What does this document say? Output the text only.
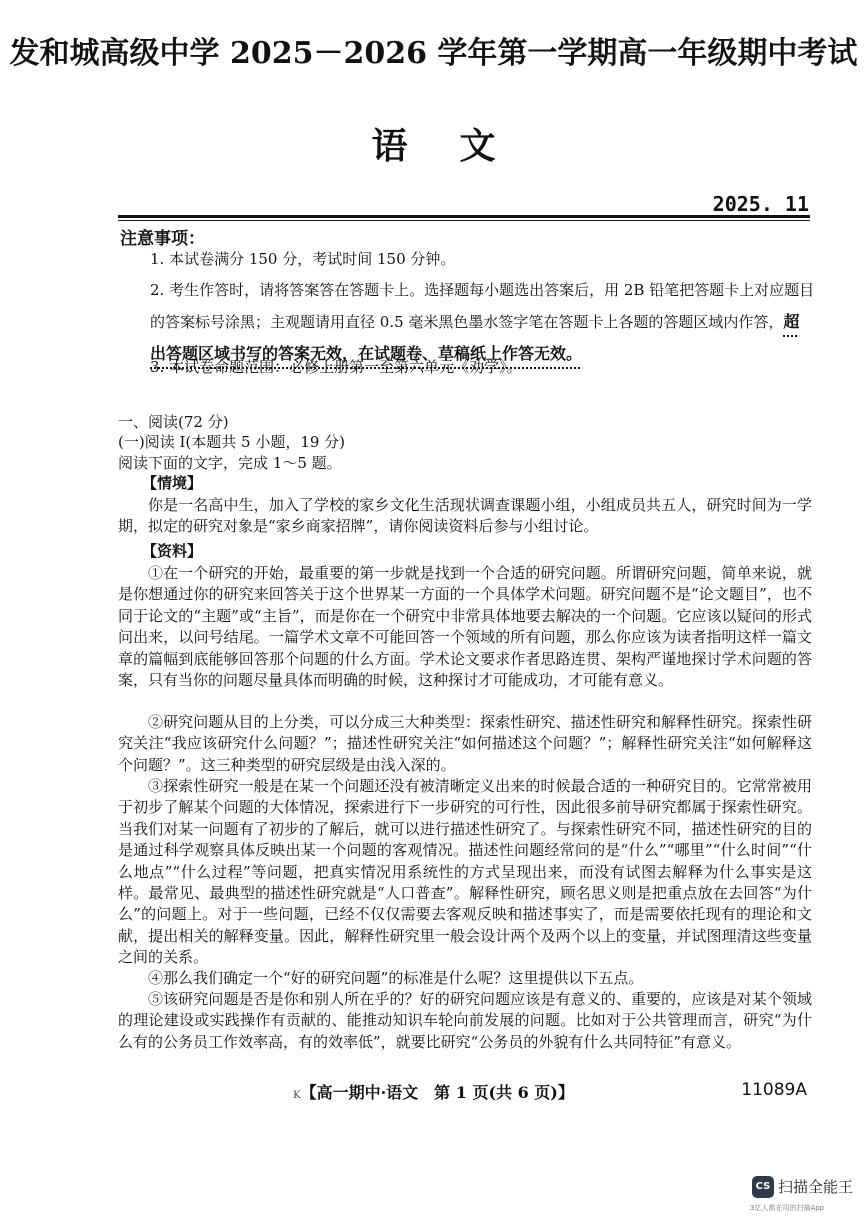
发和城高级中学 2025－2026 学年第一学期高一年级期中考试
语文
2025. 11
注意事项：
1. 本试卷满分 150 分，考试时间 150 分钟。
2. 考生作答时，请将答案答在答题卡上。选择题每小题选出答案后，用 2B 铅笔把答题卡上对应题目的答案标号涂黑；主观题请用直径 0.5 毫米黑色墨水签字笔在答题卡上各题的答题区域内作答，超出答题区域书写的答案无效，在试题卷、草稿纸上作答无效。
3. 本试卷命题范围：必修上册第一至第六单元《劝学》。
一、阅读(72 分)
(一)阅读 Ⅰ(本题共 5 小题，19 分)
阅读下面的文字，完成 1～5 题。
【情境】

你是一名高中生，加入了学校的家乡文化生活现状调查课题小组，小组成员共五人，研究时间为一学期，拟定的研究对象是“家乡商家招牌”，请你阅读资料后参与小组讨论。

【资料】

①在一个研究的开始，最重要的第一步就是找到一个合适的研究问题。所谓研究问题，简单来说，就是你想通过你的研究来回答关于这个世界某一方面的一个具体学术问题。研究问题不是“论文题目”，也不同于论文的“主题”或“主旨”，而是你在一个研究中非常具体地要去解决的一个问题。它应该以疑问的形式问出来，以问号结尾。一篇学术文章不可能回答一个领域的所有问题，那么你应该为读者指明这样一篇文章的篇幅到底能够回答那个问题的什么方面。学术论文要求作者思路连贯、架构严谨地探讨学术问题的答案，只有当你的问题尽量具体而明确的时候，这种探讨才可能成功，才可能有意义。

②研究问题从目的上分类，可以分成三大种类型：探索性研究、描述性研究和解释性研究。探索性研究关注“我应该研究什么问题？”；描述性研究关注“如何描述这个问题？”；解释性研究关注“如何解释这个问题？”。这三种类型的研究层级是由浅入深的。

③探索性研究一般是在某一个问题还没有被清晰定义出来的时候最合适的一种研究目的。它常常被用于初步了解某个问题的大体情况，探索进行下一步研究的可行性，因此很多前导研究都属于探索性研究。当我们对某一问题有了初步的了解后，就可以进行描述性研究了。与探索性研究不同，描述性研究的目的是通过科学观察具体反映出某一个问题的客观情况。描述性问题经常问的是“什么”“哪里”“什么时间”“什么地点”“什么过程”等问题，把真实情况用系统性的方式呈现出来，而没有试图去解释为什么事实是这样。最常见、最典型的描述性研究就是“人口普查”。解释性研究，顾名思义则是把重点放在去回答“为什么”的问题上。对于一些问题，已经不仅仅需要去客观反映和描述事实了，而是需要依托现有的理论和文献，提出相关的解释变量。因此，解释性研究里一般会设计两个及两个以上的变量，并试图理清这些变量之间的关系。

④那么我们确定一个“好的研究问题”的标准是什么呢？这里提供以下五点。

⑤该研究问题是否是你和别人所在乎的？好的研究问题应该是有意义的、重要的，应该是对某个领域的理论建设或实践操作有贡献的、能推动知识车轮向前发展的问题。比如对于公共管理而言，研究“为什么有的公务员工作效率高，有的效率低”，就要比研究“公务员的外貌有什么共同特征”有意义。

K【高一期中·语文　第 1 页(共 6 页)】	11089A
CS 扫描全能王
3亿人都在用的扫描App
